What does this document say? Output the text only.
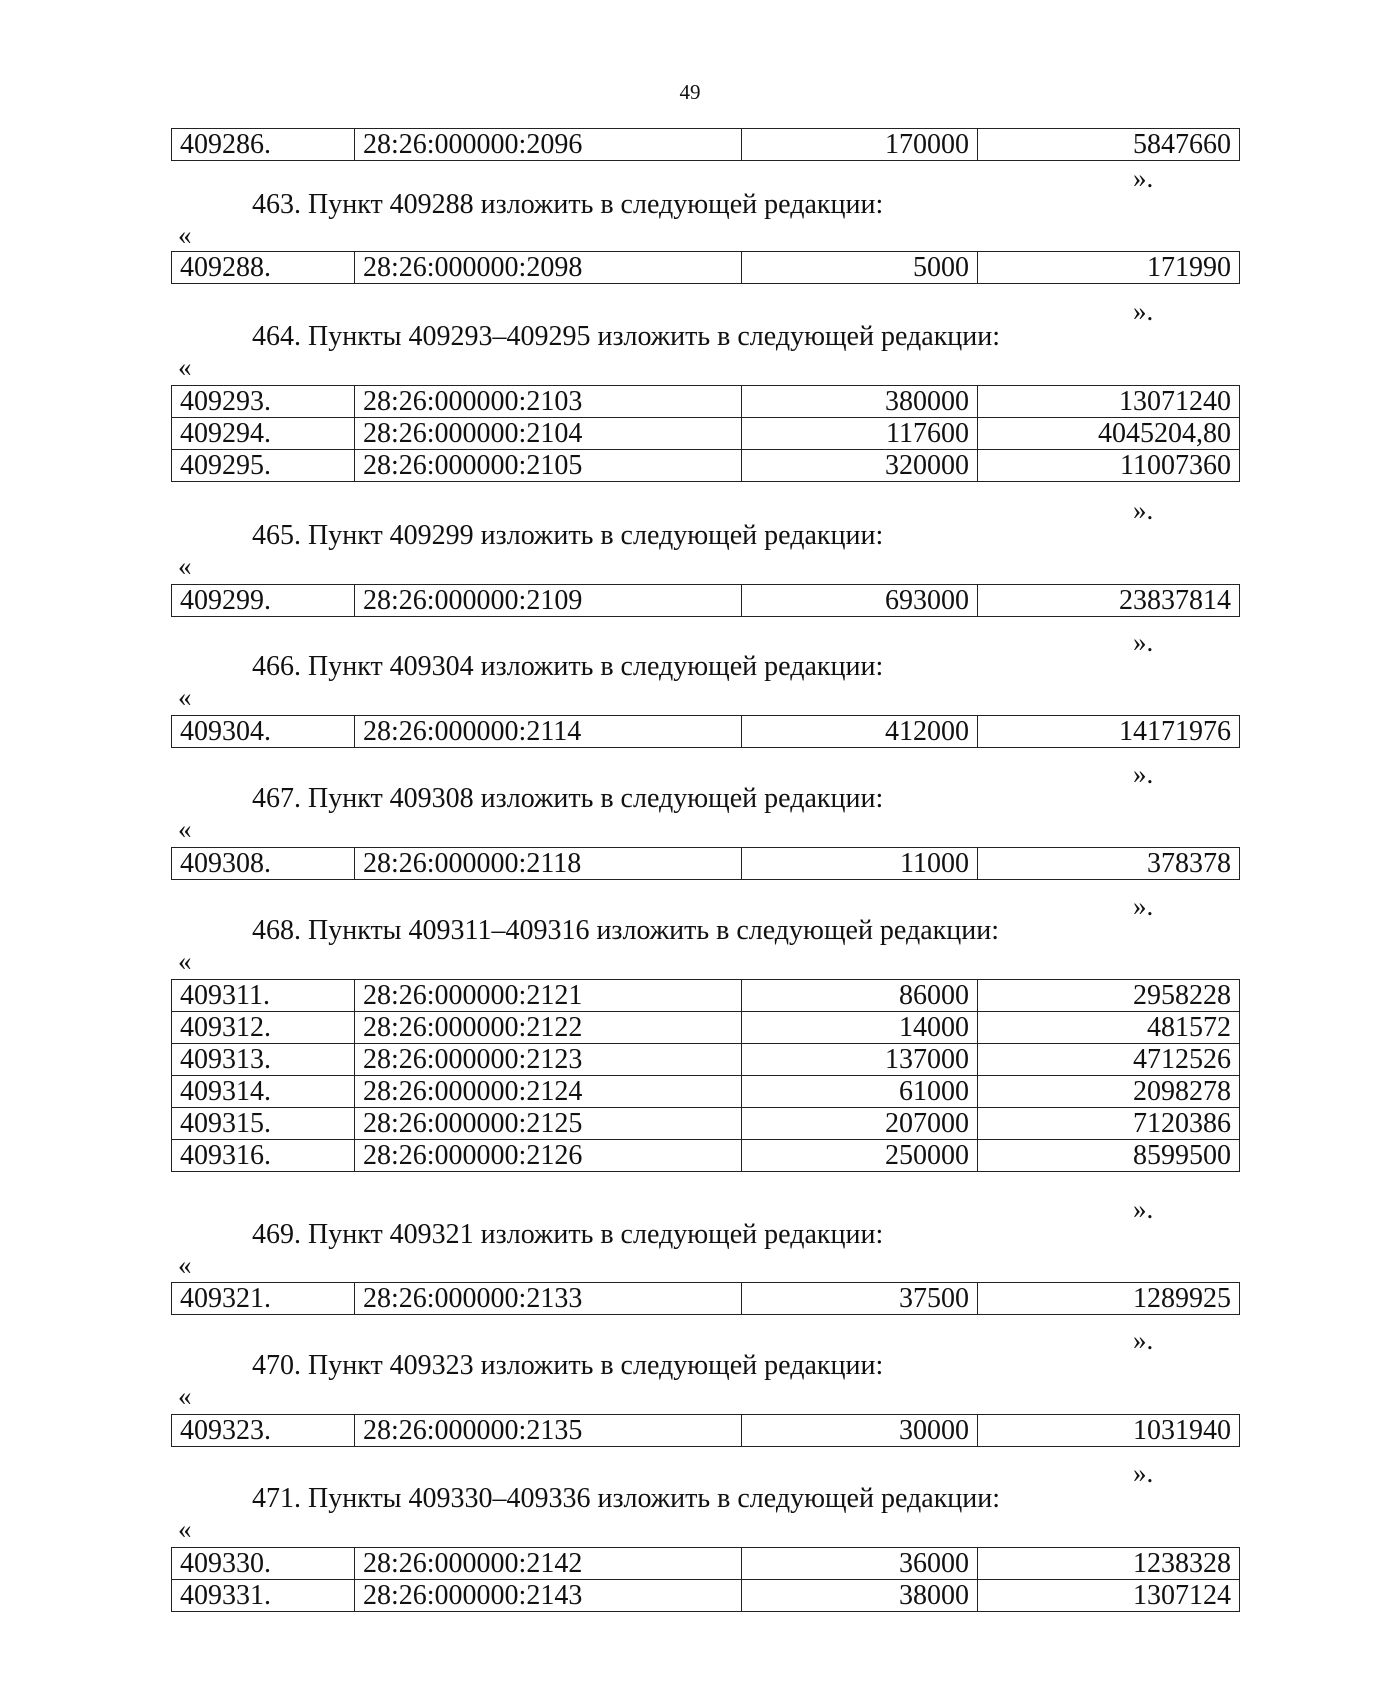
49
409286.	28:26:000000:2096	170000	5847660
».
463. Пункт 409288 изложить в следующей редакции:
«
409288.	28:26:000000:2098	5000	171990
».
464. Пункты 409293–409295 изложить в следующей редакции:
«
409293.	28:26:000000:2103	380000	13071240
409294.	28:26:000000:2104	117600	4045204,80
409295.	28:26:000000:2105	320000	11007360
».
465. Пункт 409299 изложить в следующей редакции:
«
409299.	28:26:000000:2109	693000	23837814
».
466. Пункт 409304 изложить в следующей редакции:
«
409304.	28:26:000000:2114	412000	14171976
».
467. Пункт 409308 изложить в следующей редакции:
«
409308.	28:26:000000:2118	11000	378378
».
468. Пункты 409311–409316 изложить в следующей редакции:
«
409311.	28:26:000000:2121	86000	2958228
409312.	28:26:000000:2122	14000	481572
409313.	28:26:000000:2123	137000	4712526
409314.	28:26:000000:2124	61000	2098278
409315.	28:26:000000:2125	207000	7120386
409316.	28:26:000000:2126	250000	8599500
».
469. Пункт 409321 изложить в следующей редакции:
«
409321.	28:26:000000:2133	37500	1289925
».
470. Пункт 409323 изложить в следующей редакции:
«
409323.	28:26:000000:2135	30000	1031940
».
471. Пункты 409330–409336 изложить в следующей редакции:
«
409330.	28:26:000000:2142	36000	1238328
409331.	28:26:000000:2143	38000	1307124
